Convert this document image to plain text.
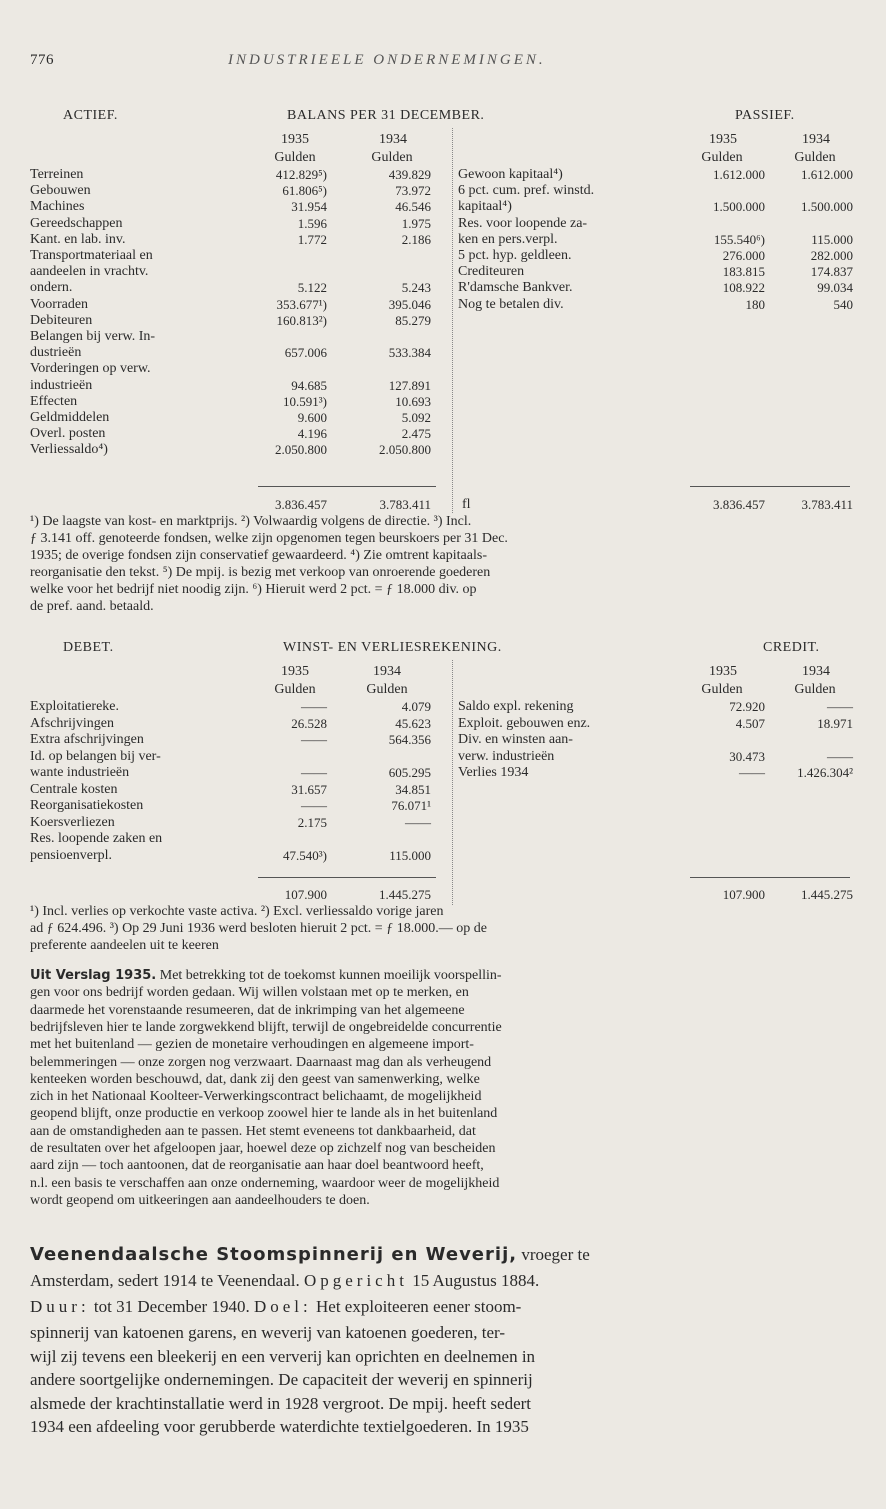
776	INDUSTRIEELE ONDERNEMINGEN.
ACTIEF.	BALANS PER 31 DECEMBER.	PASSIEF.
1935	1934
Gulden	Gulden
1935	1934
Gulden	Gulden
Terreinen	412.829⁵)	439.829
Gebouwen	61.806⁵)	73.972
Machines	31.954	46.546
Gereedschappen	1.596	1.975
Kant. en lab. inv.	1.772	2.186
Transportmateriaal en
aandeelen in vrachtv.
ondern.	5.122	5.243
Voorraden	353.677¹)	395.046
Debiteuren	160.813²)	85.279
Belangen bij verw. In-
dustrieën	657.006	533.384
Vorderingen op verw.
industrieën	94.685	127.891
Effecten	10.591³)	10.693
Geldmiddelen	9.600	5.092
Overl. posten	4.196	2.475
Verliessaldo⁴)	2.050.800	2.050.800
Gewoon kapitaal⁴)	1.612.000	1.612.000
6 pct. cum. pref. winstd.
kapitaal⁴)	1.500.000	1.500.000
Res. voor loopende za-
ken en pers.verpl.	155.540⁶)	115.000
5 pct. hyp. geldleen.	276.000	282.000
Crediteuren	183.815	174.837
R'damsche Bankver.	108.922	99.034
Nog te betalen div.	180	540
3.836.457	3.783.411 fl	3.836.457	3.783.411
¹) De laagste van kost- en marktprijs. ²) Volwaardig volgens de directie. ³) Incl.
ƒ 3.141 off. genoteerde fondsen, welke zijn opgenomen tegen beurskoers per 31 Dec.
1935; de overige fondsen zijn conservatief gewaardeerd. ⁴) Zie omtrent kapitaals-
reorganisatie den tekst. ⁵) De mpij. is bezig met verkoop van onroerende goederen
welke voor het bedrijf niet noodig zijn. ⁶) Hieruit werd 2 pct. = ƒ 18.000 div. op
de pref. aand. betaald.
DEBET.	WINST- EN VERLIESREKENING.	CREDIT.
1935	1934
Gulden	Gulden
1935	1934
Gulden	Gulden
Exploitatiereke.	——	4.079
Afschrijvingen	26.528	45.623
Extra afschrijvingen	——	564.356
Id. op belangen bij ver-
wante industrieën	——	605.295
Centrale kosten	31.657	34.851
Reorganisatiekosten	——	76.071¹
Koersverliezen	2.175	——
Res. loopende zaken en
pensioenverpl.	47.540³)	115.000
Saldo expl. rekening	72.920	——
Exploit. gebouwen enz.	4.507	18.971
Div. en winsten aan-
verw. industrieën	30.473	——
Verlies 1934	——	1.426.304²
107.900	1.445.275	107.900	1.445.275
¹) Incl. verlies op verkochte vaste activa. ²) Excl. verliessaldo vorige jaren
ad ƒ 624.496. ³) Op 29 Juni 1936 werd besloten hieruit 2 pct. = ƒ 18.000.— op de
preferente aandeelen uit te keeren
Uit Verslag 1935. Met betrekking tot de toekomst kunnen moeilijk voorspellin-
gen voor ons bedrijf worden gedaan. Wij willen volstaan met op te merken, en
daarmede het vorenstaande resumeeren, dat de inkrimping van het algemeene
bedrijfsleven hier te lande zorgwekkend blijft, terwijl de ongebreidelde concurrentie
met het buitenland — gezien de monetaire verhoudingen en algemeene import-
belemmeringen — onze zorgen nog verzwaart. Daarnaast mag dan als verheugend
kenteeken worden beschouwd, dat, dank zij den geest van samenwerking, welke
zich in het Nationaal Koolteer-Verwerkingscontract belichaamt, de mogelijkheid
geopend blijft, onze productie en verkoop zoowel hier te lande als in het buitenland
aan de omstandigheden aan te passen. Het stemt eveneens tot dankbaarheid, dat
de resultaten over het afgeloopen jaar, hoewel deze op zichzelf nog van bescheiden
aard zijn — toch aantoonen, dat de reorganisatie aan haar doel beantwoord heeft,
n.l. een basis te verschaffen aan onze onderneming, waardoor weer de mogelijkheid
wordt geopend om uitkeeringen aan aandeelhouders te doen.
Veenendaalsche Stoomspinnerij en Weverij, vroeger te
Amsterdam, sedert 1914 te Veenendaal. Opgericht 15 Augustus 1884.
Duur: tot 31 December 1940. Doel: Het exploiteeren eener stoom-
spinnerij van katoenen garens, en weverij van katoenen goederen, ter-
wijl zij tevens een bleekerij en een ververij kan oprichten en deelnemen in
andere soortgelijke ondernemingen. De capaciteit der weverij en spinnerij
alsmede der krachtinstallatie werd in 1928 vergroot. De mpij. heeft sedert
1934 een afdeeling voor gerubberde waterdichte textielgoederen. In 1935
